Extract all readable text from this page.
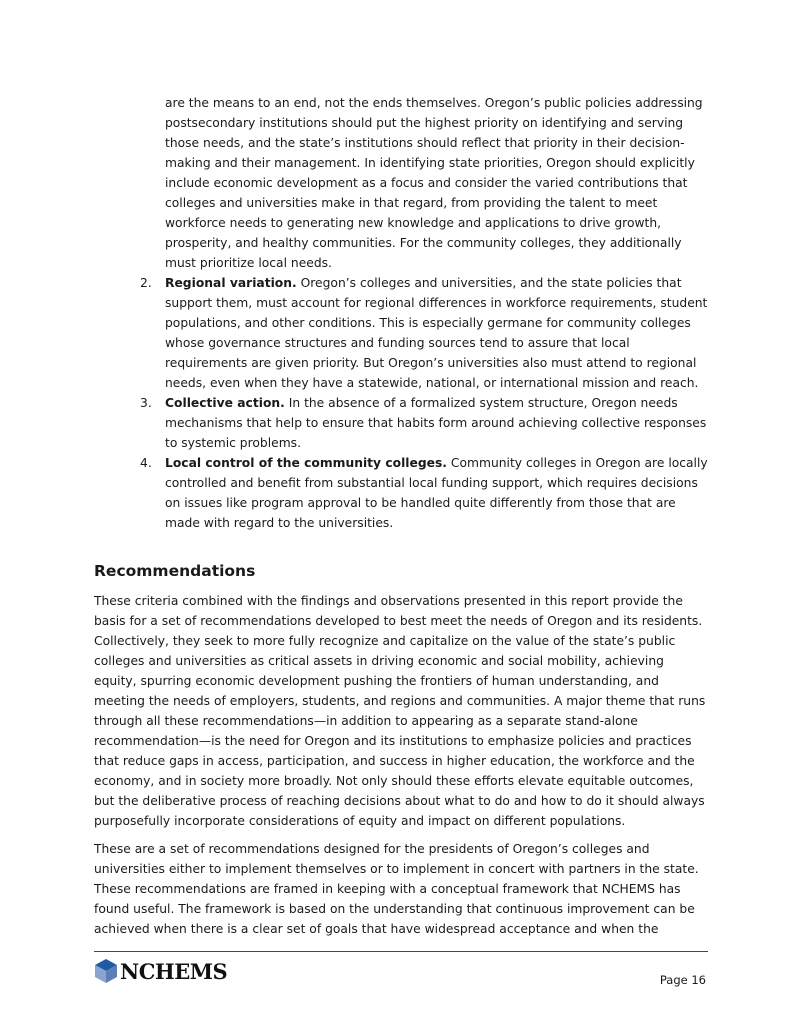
are the means to an end, not the ends themselves. Oregon’s public policies addressing postsecondary institutions should put the highest priority on identifying and serving those needs, and the state’s institutions should reflect that priority in their decision-making and their management. In identifying state priorities, Oregon should explicitly include economic development as a focus and consider the varied contributions that colleges and universities make in that regard, from providing the talent to meet workforce needs to generating new knowledge and applications to drive growth, prosperity, and healthy communities. For the community colleges, they additionally must prioritize local needs.
2. Regional variation. Oregon’s colleges and universities, and the state policies that support them, must account for regional differences in workforce requirements, student populations, and other conditions. This is especially germane for community colleges whose governance structures and funding sources tend to assure that local requirements are given priority. But Oregon’s universities also must attend to regional needs, even when they have a statewide, national, or international mission and reach.
3. Collective action. In the absence of a formalized system structure, Oregon needs mechanisms that help to ensure that habits form around achieving collective responses to systemic problems.
4. Local control of the community colleges. Community colleges in Oregon are locally controlled and benefit from substantial local funding support, which requires decisions on issues like program approval to be handled quite differently from those that are made with regard to the universities.
Recommendations

These criteria combined with the findings and observations presented in this report provide the basis for a set of recommendations developed to best meet the needs of Oregon and its residents. Collectively, they seek to more fully recognize and capitalize on the value of the state’s public colleges and universities as critical assets in driving economic and social mobility, achieving equity, spurring economic development pushing the frontiers of human understanding, and meeting the needs of employers, students, and regions and communities. A major theme that runs through all these recommendations—in addition to appearing as a separate stand-alone recommendation—is the need for Oregon and its institutions to emphasize policies and practices that reduce gaps in access, participation, and success in higher education, the workforce and the economy, and in society more broadly. Not only should these efforts elevate equitable outcomes, but the deliberative process of reaching decisions about what to do and how to do it should always purposefully incorporate considerations of equity and impact on different populations.

These are a set of recommendations designed for the presidents of Oregon’s colleges and universities either to implement themselves or to implement in concert with partners in the state. These recommendations are framed in keeping with a conceptual framework that NCHEMS has found useful. The framework is based on the understanding that continuous improvement can be achieved when there is a clear set of goals that have widespread acceptance and when the

NCHEMS	Page 16
